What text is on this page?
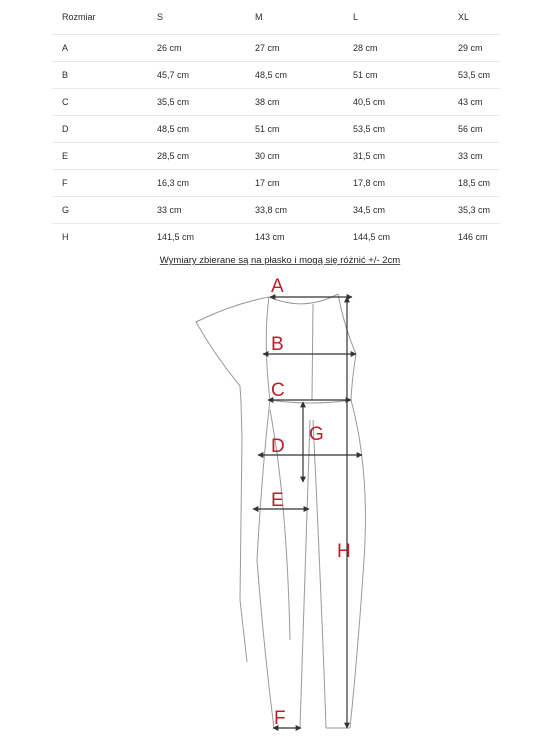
Rozmiar	S	M	L	XL
A	26 cm	27 cm	28 cm	29 cm
B	45,7 cm	48,5 cm	51 cm	53,5 cm
C	35,5 cm	38 cm	40,5 cm	43 cm
D	48,5 cm	51 cm	53,5 cm	56 cm
E	28,5 cm	30 cm	31,5 cm	33 cm
F	16,3 cm	17 cm	17,8 cm	18,5 cm
G	33 cm	33,8 cm	34,5 cm	35,3 cm
H	141,5 cm	143 cm	144,5 cm	146 cm
Wymiary zbierane są na płasko i mogą się różnić +/- 2cm
A
B
C
G
D
E
H
F
